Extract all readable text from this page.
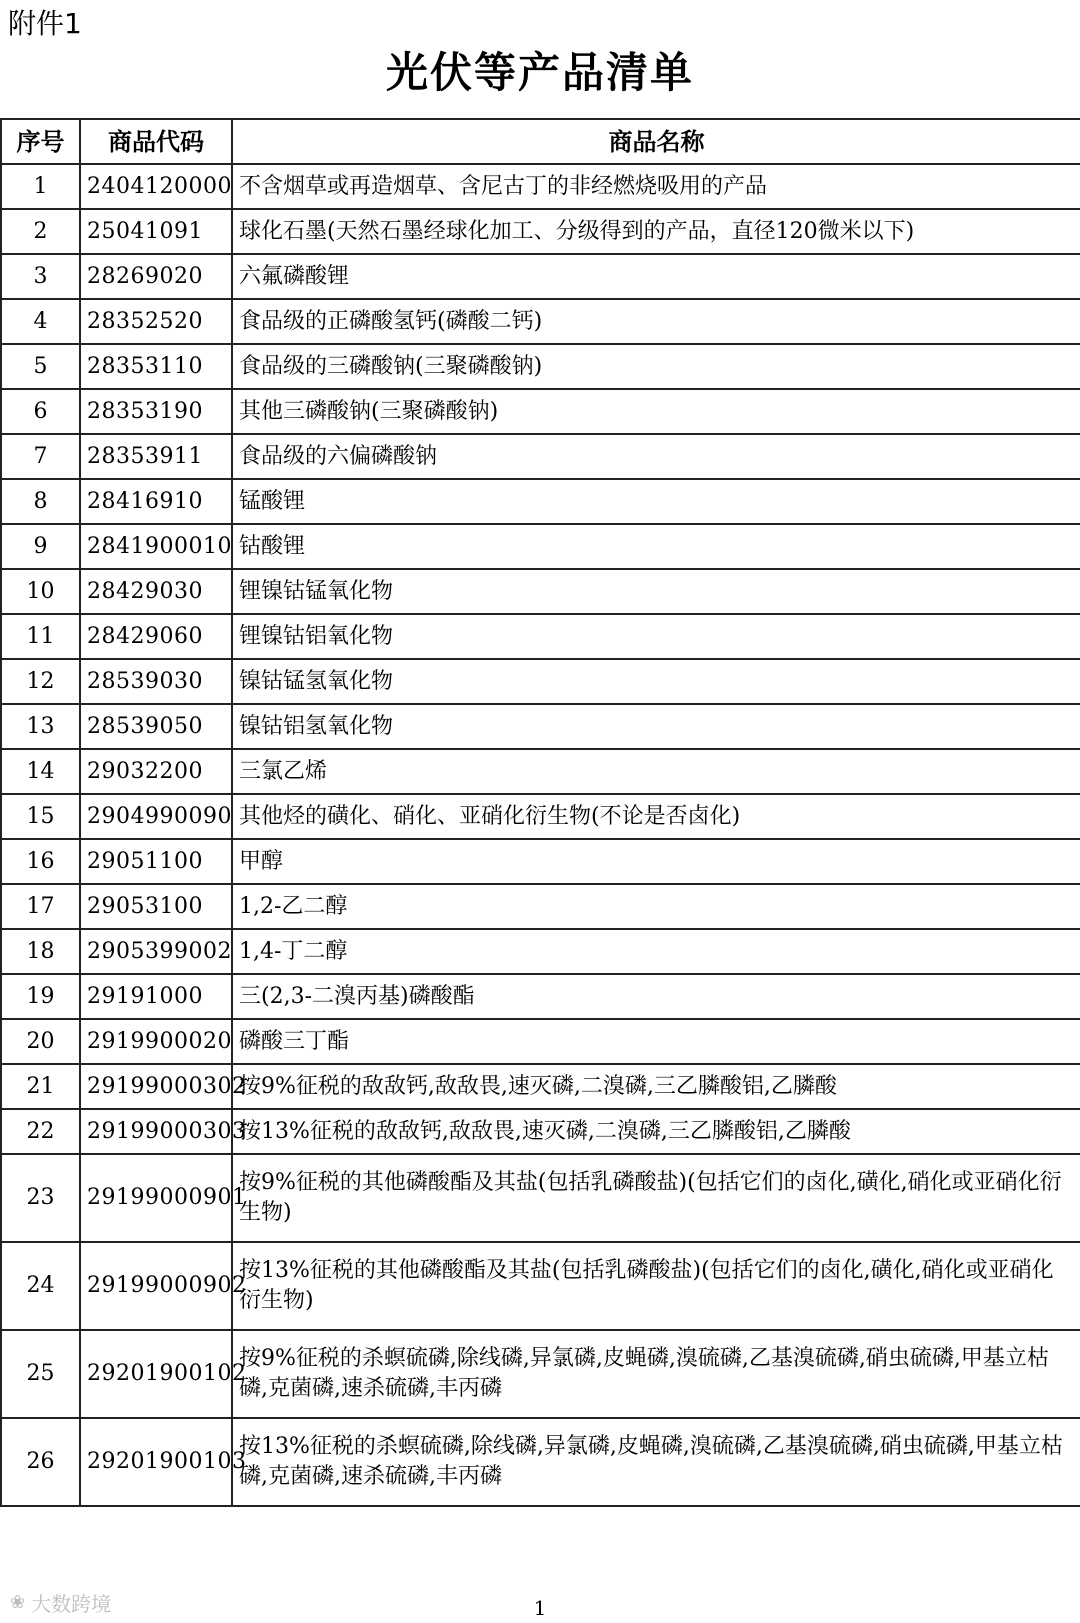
附件1
光伏等产品清单
序号	商品代码	商品名称
1	2404120000	不含烟草或再造烟草、含尼古丁的非经燃烧吸用的产品
2	25041091	球化石墨(天然石墨经球化加工、分级得到的产品，直径120微米以下)
3	28269020	六氟磷酸锂
4	28352520	食品级的正磷酸氢钙(磷酸二钙)
5	28353110	食品级的三磷酸钠(三聚磷酸钠)
6	28353190	其他三磷酸钠(三聚磷酸钠)
7	28353911	食品级的六偏磷酸钠
8	28416910	锰酸锂
9	2841900010	钴酸锂
10	28429030	锂镍钴锰氧化物
11	28429060	锂镍钴铝氧化物
12	28539030	镍钴锰氢氧化物
13	28539050	镍钴铝氢氧化物
14	29032200	三氯乙烯
15	2904990090	其他烃的磺化、硝化、亚硝化衍生物(不论是否卤化)
16	29051100	甲醇
17	29053100	1,2-乙二醇
18	2905399002	1,4-丁二醇
19	29191000	三(2,3-二溴丙基)磷酸酯
20	2919900020	磷酸三丁酯
21	29199000302	按9%征税的敌敌钙,敌敌畏,速灭磷,二溴磷,三乙膦酸铝,乙膦酸
22	29199000303	按13%征税的敌敌钙,敌敌畏,速灭磷,二溴磷,三乙膦酸铝,乙膦酸
23	29199000901	按9%征税的其他磷酸酯及其盐(包括乳磷酸盐)(包括它们的卤化,磺化,硝化或亚硝化衍生物)
24	29199000902	按13%征税的其他磷酸酯及其盐(包括乳磷酸盐)(包括它们的卤化,磺化,硝化或亚硝化衍生物)
25	29201900102	按9%征税的杀螟硫磷,除线磷,异氯磷,皮蝇磷,溴硫磷,乙基溴硫磷,硝虫硫磷,甲基立枯磷,克菌磷,速杀硫磷,丰丙磷
26	29201900103	按13%征税的杀螟硫磷,除线磷,异氯磷,皮蝇磷,溴硫磷,乙基溴硫磷,硝虫硫磷,甲基立枯磷,克菌磷,速杀硫磷,丰丙磷
❀ 大数跨境	1
